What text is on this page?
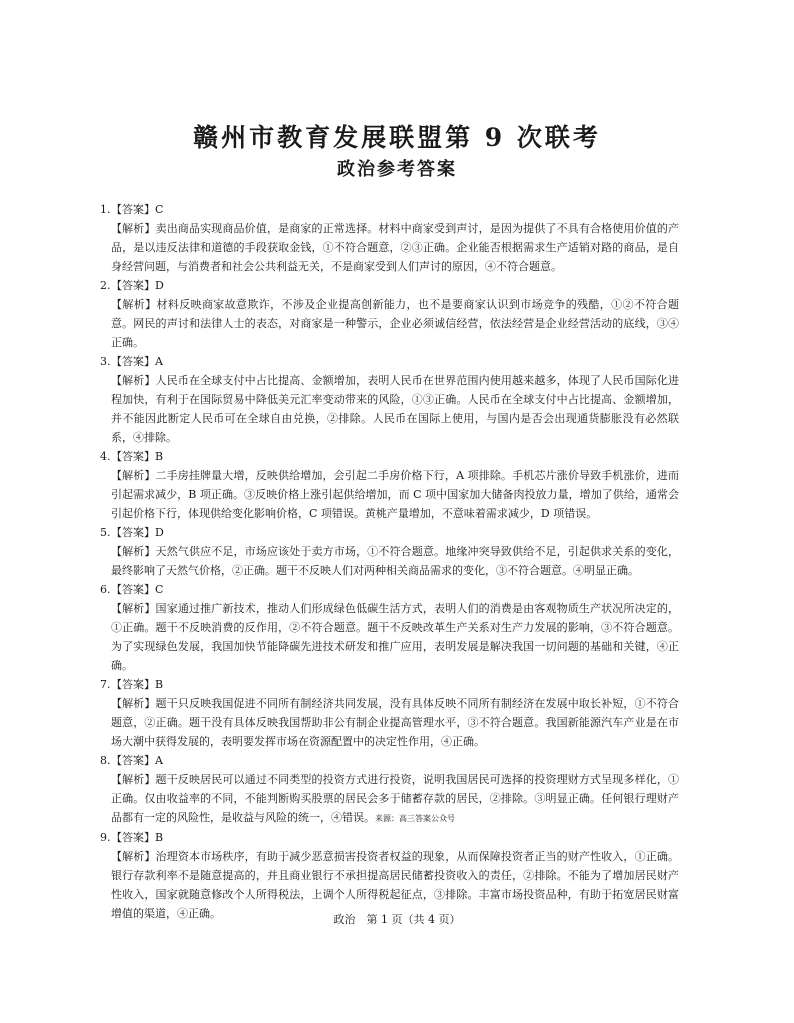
赣州市教育发展联盟第 9 次联考
政治参考答案

1.【答案】C

【解析】卖出商品实现商品价值，是商家的正常选择。材料中商家受到声讨，是因为提供了不具有合格使用价值的产品，是以违反法律和道德的手段获取金钱，①不符合题意，②③正确。企业能否根据需求生产适销对路的商品，是自身经营问题，与消费者和社会公共利益无关，不是商家受到人们声讨的原因，④不符合题意。

2.【答案】D

【解析】材料反映商家故意欺诈，不涉及企业提高创新能力，也不是要商家认识到市场竞争的残酷，①②不符合题意。网民的声讨和法律人士的表态，对商家是一种警示，企业必须诚信经营，依法经营是企业经营活动的底线，③④正确。

3.【答案】A

【解析】人民币在全球支付中占比提高、金额增加，表明人民币在世界范围内使用越来越多，体现了人民币国际化进程加快，有利于在国际贸易中降低美元汇率变动带来的风险，①③正确。人民币在全球支付中占比提高、金额增加，并不能因此断定人民币可在全球自由兑换，②排除。人民币在国际上使用，与国内是否会出现通货膨胀没有必然联系，④排除。

4.【答案】B

【解析】二手房挂牌量大增，反映供给增加，会引起二手房价格下行，A 项排除。手机芯片涨价导致手机涨价，进而引起需求减少，B 项正确。③反映价格上涨引起供给增加，而 C 项中国家加大储备肉投放力量，增加了供给，通常会引起价格下行，体现供给变化影响价格，C 项错误。黄桃产量增加，不意味着需求减少，D 项错误。

5.【答案】D

【解析】天然气供应不足，市场应该处于卖方市场，①不符合题意。地缘冲突导致供给不足，引起供求关系的变化，最终影响了天然气价格，②正确。题干不反映人们对两种相关商品需求的变化，③不符合题意。④明显正确。

6.【答案】C

【解析】国家通过推广新技术，推动人们形成绿色低碳生活方式，表明人们的消费是由客观物质生产状况所决定的，①正确。题干不反映消费的反作用，②不符合题意。题干不反映改革生产关系对生产力发展的影响，③不符合题意。为了实现绿色发展，我国加快节能降碳先进技术研发和推广应用，表明发展是解决我国一切问题的基础和关键，④正确。

7.【答案】B

【解析】题干只反映我国促进不同所有制经济共同发展，没有具体反映不同所有制经济在发展中取长补短，①不符合题意，②正确。题干没有具体反映我国帮助非公有制企业提高管理水平，③不符合题意。我国新能源汽车产业是在市场大潮中获得发展的，表明要发挥市场在资源配置中的决定性作用，④正确。

8.【答案】A

【解析】题干反映居民可以通过不同类型的投资方式进行投资，说明我国居民可选择的投资理财方式呈现多样化，①正确。仅由收益率的不同，不能判断购买股票的居民会多于储蓄存款的居民，②排除。③明显正确。任何银行理财产品都有一定的风险性，是收益与风险的统一，④错误。来源：高三答案公众号

9.【答案】B

【解析】治理资本市场秩序，有助于减少恶意损害投资者权益的现象，从而保障投资者正当的财产性收入，①正确。银行存款利率不是随意提高的，并且商业银行不承担提高居民储蓄投资收入的责任，②排除。不能为了增加居民财产性收入，国家就随意修改个人所得税法，上调个人所得税起征点，③排除。丰富市场投资品种，有助于拓宽居民财富增值的渠道，④正确。	政治　第 1 页（共 4 页）
